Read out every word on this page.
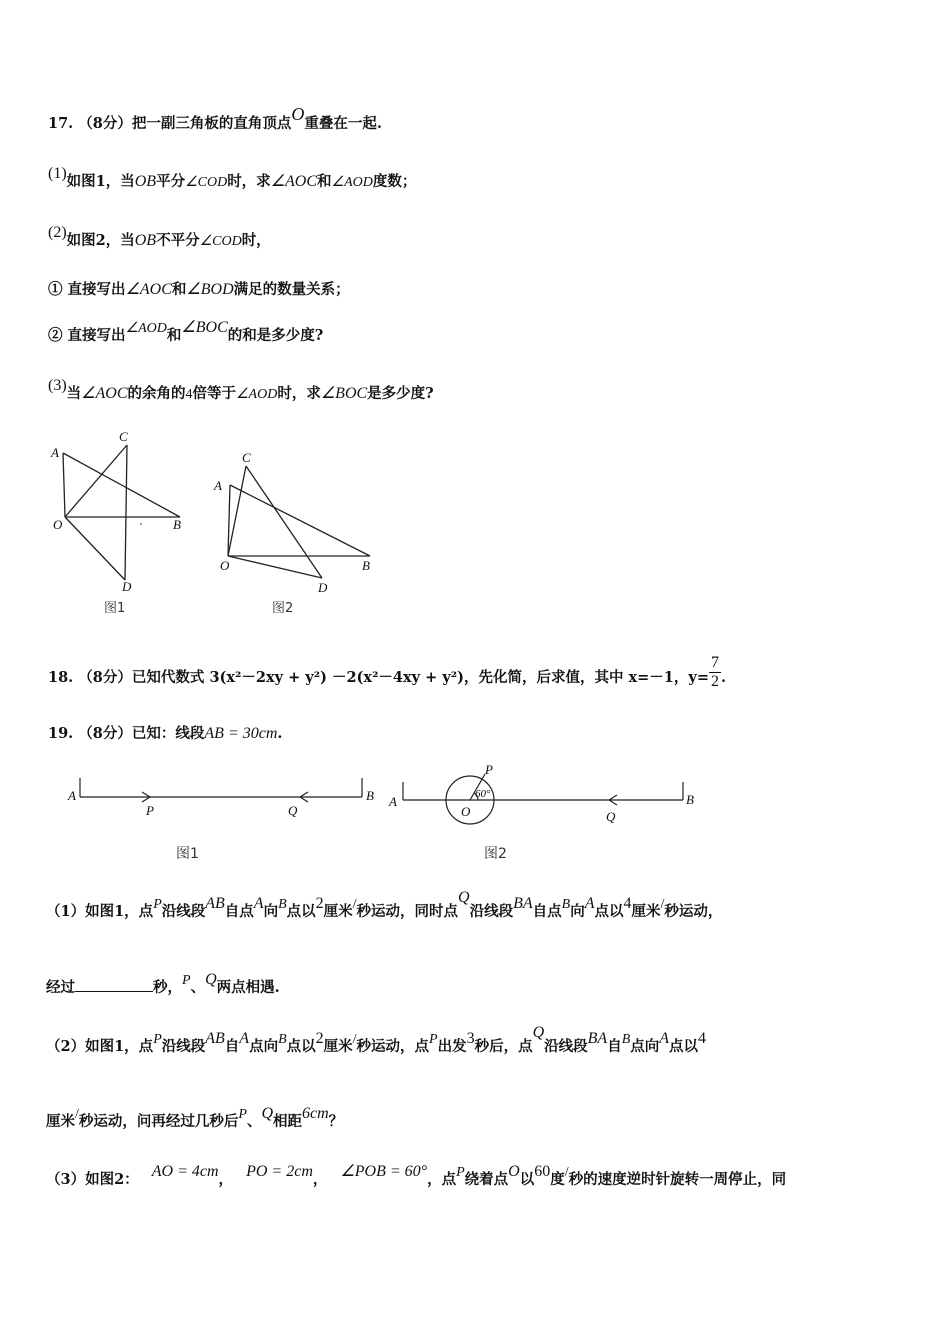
17. （8分）把一副三角板的直角顶点O重叠在一起.
(1)如图1，当OB平分∠COD时，求∠AOC和∠AOD度数；
(2)如图2，当OB不平分∠COD时，
① 直接写出∠AOC和∠BOD满足的数量关系；
② 直接写出∠AOD和∠BOC的和是多少度?
(3)当∠AOC的余角的4倍等于∠AOD时，求∠BOC是多少度?
A
C
O	B
D
图1
A
C
O	B
D
图2
18. （8分）已知代数式 3(x²－2xy + y²) －2(x²－4xy + y²)，先化简，后求值，其中 x=－1，$y= \frac{7}{2}$ .
19. （8分）已知：线段AB = 30cm.
A	B
P	Q
图1
A	B
P
O
60°
Q
图2
（1）如图1，点P沿线段AB自点A向B点以2厘米/秒运动，同时点Q沿线段BA自点B向A点以4厘米/秒运动，
经过	秒，P、Q两点相遇.
（2）如图1，点P沿线段AB自A点向B点以2厘米/秒运动，点P出发3秒后，点Q沿线段BA自B点向A点以4
厘米/秒运动，问再经过几秒后P、Q相距6cm？
（3）如图2： AO = 4cm， PO = 2cm， ∠POB = 60°，点P绕着点O以60度/秒的速度逆时针旋转一周停止，同
